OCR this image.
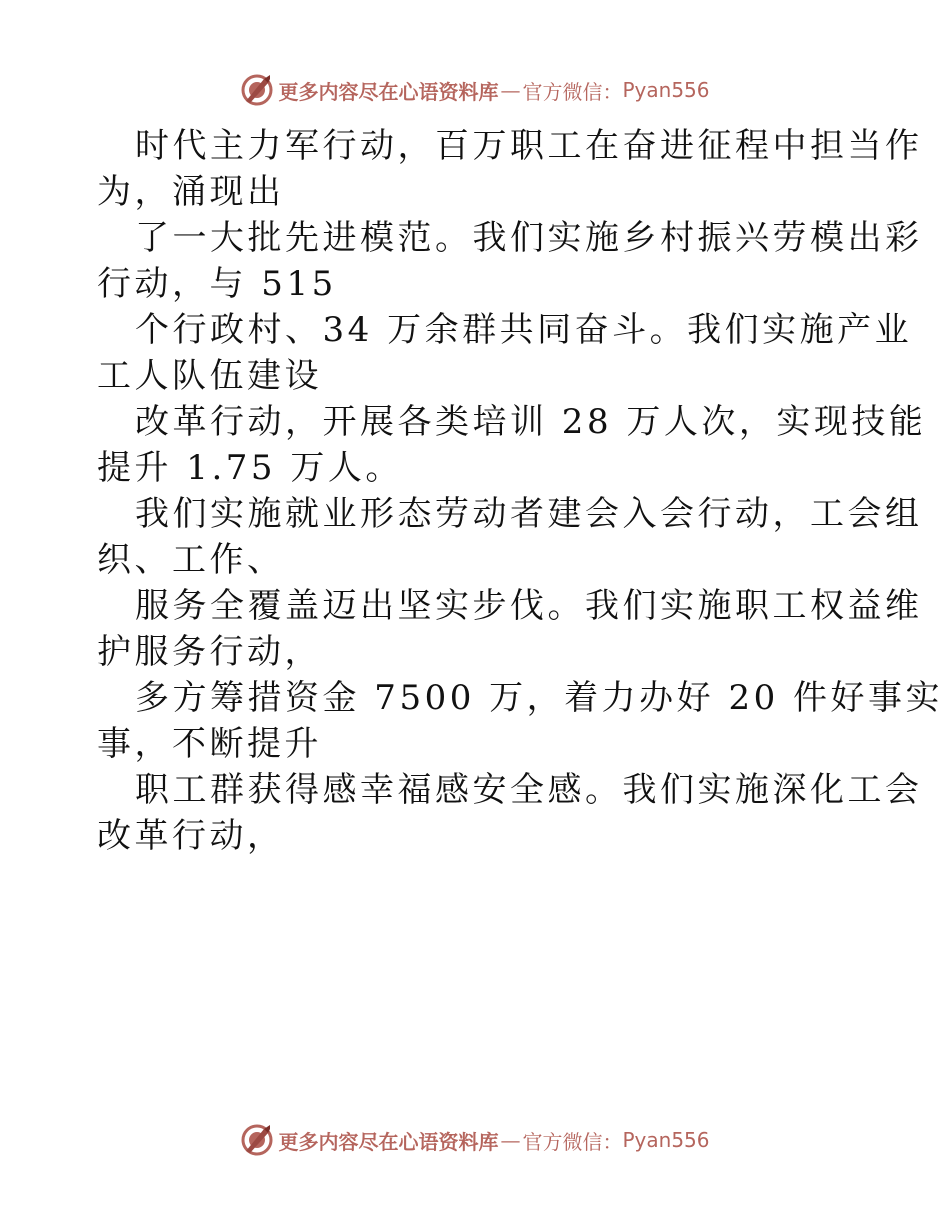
更多内容尽在心语资料库 — 官方微信： Pyan556
时代主力军行动，百万职工在奋进征程中担当作
为，涌现出
了一大批先进模范。我们实施乡村振兴劳模出彩
行动，与 515
个行政村、34 万余群共同奋斗。我们实施产业
工人队伍建设
改革行动，开展各类培训 28 万人次，实现技能
提升 1.75 万人。
我们实施就业形态劳动者建会入会行动，工会组
织、工作、
服务全覆盖迈出坚实步伐。我们实施职工权益维
护服务行动，
多方筹措资金 7500 万，着力办好 20 件好事实
事，不断提升
职工群获得感幸福感安全感。我们实施深化工会
改革行动，
更多内容尽在心语资料库 — 官方微信： Pyan556
